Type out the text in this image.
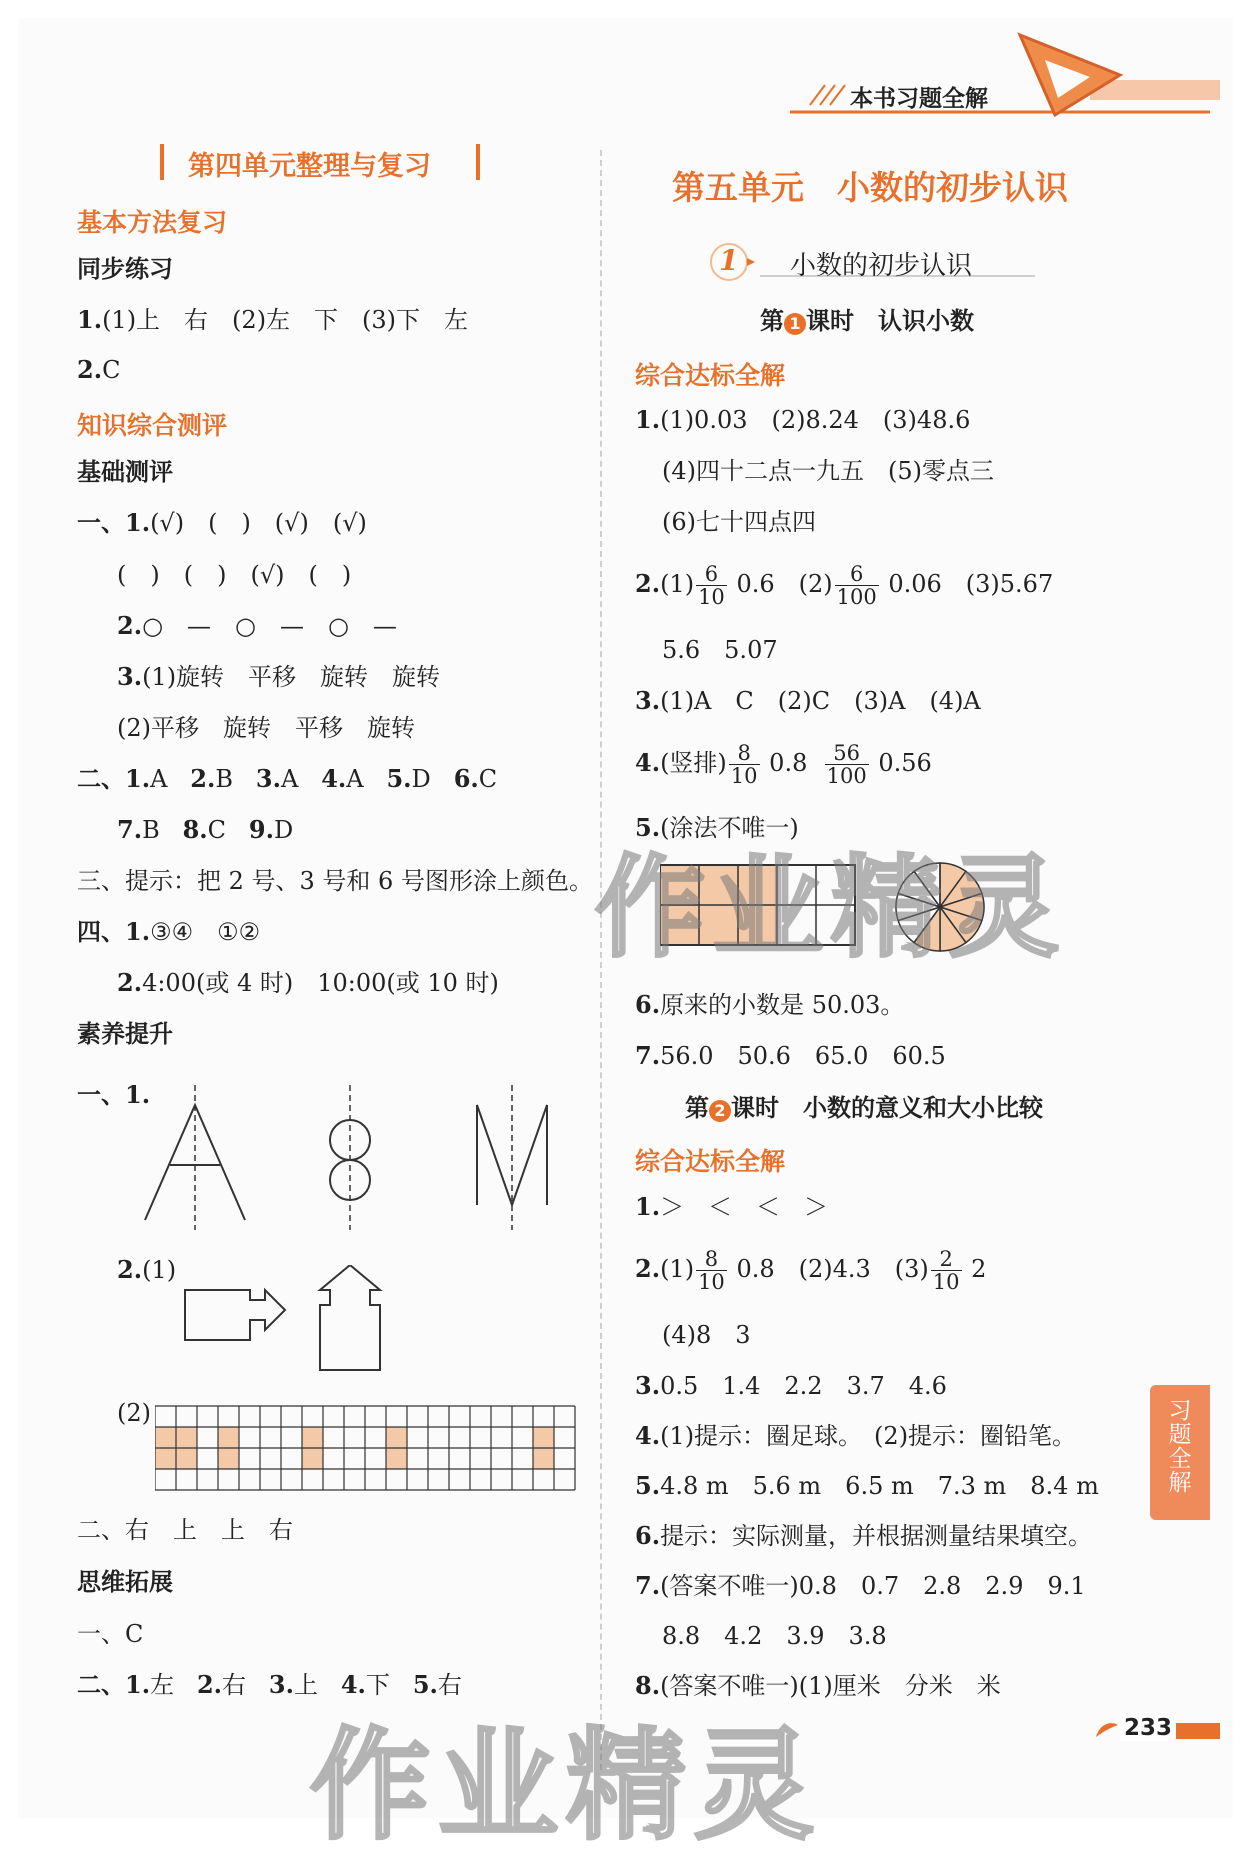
本书习题全解
第四单元整理与复习
基本方法复习
同步练习
1.(1)上　右　(2)左　下　(3)下　左
2.C
知识综合测评
基础测评
一、1.(√)　(　)　(√)　(√)
(　)　(　)　(√)　(　)
2.○　—　○　—　○　—
3.(1)旋转　平移　旋转　旋转
(2)平移　旋转　平移　旋转
二、1.A 2.B 3.A 4.A 5.D 6.C
7.B 8.C 9.D
三、提示：把 2 号、3 号和 6 号图形涂上颜色。
四、1.③④　①②
2.4:00(或 4 时)　10:00(或 10 时)
素养提升
一、1.
2.(1)
(2)
二、右　上　上　右
思维拓展
一、C
二、1.左 2.右 3.上 4.下 5.右
第五单元　小数的初步认识
1 小数的初步认识
第 1 课时　认识小数
综合达标全解
1.(1)0.03　(2)8.24　(3)48.6
(4)四十二点一九五　(5)零点三
(6)七十四点四
$2.(1) \frac{6}{10} 0.6$　$(2) \frac{6}{100} 0.06$　(3)5.67
5.6　5.07
3.(1)A　C　(2)C　(3)A　(4)A
4.(竖排) $\frac{8}{10} 0.8 \frac{56}{100} 0.56$
5.(涂法不唯一)
6.原来的小数是 50.03。
7.56.0　50.6　65.0　60.5
第 2 课时　小数的意义和大小比较
综合达标全解
1.＞　＜　＜　＞
$2.(1) \frac{8}{10} 0.8$　(2)4.3　$(3) \frac{2}{10} 2$
(4)8　3
3.0.5　1.4　2.2　3.7　4.6
4.(1)提示：圈足球。　(2)提示：圈铅笔。
5.4.8 m　5.6 m　6.5 m　7.3 m　8.4 m
6.提示：实际测量，并根据测量结果填空。
7.(答案不唯一)0.8　0.7　2.8　2.9　9.1
8.8　4.2　3.9　3.8
8.(答案不唯一)(1)厘米　分米　米
习题全解
233
作业精灵
作业精灵
